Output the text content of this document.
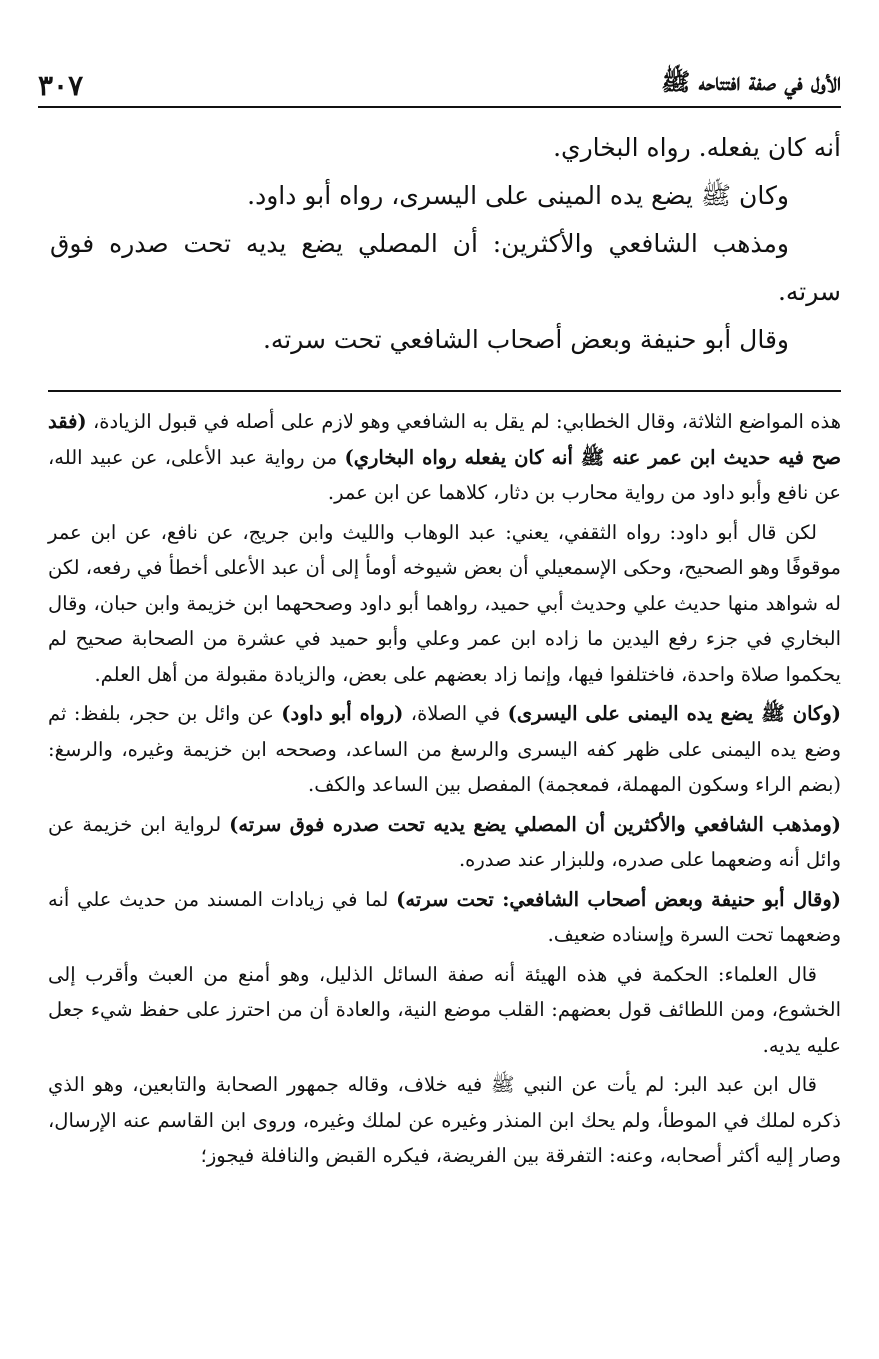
الأول في صفة افتتاحه ﷺ
٣٠٧

أنه كان يفعله. رواه البخاري.

وكان ﷺ يضع يده المينى على اليسرى، رواه أبو داود.

ومذهب الشافعي والأكثرين: أن المصلي يضع يديه تحت صدره فوق سرته.

وقال أبو حنيفة وبعض أصحاب الشافعي تحت سرته.

هذه المواضع الثلاثة، وقال الخطابي: لم يقل به الشافعي وهو لازم على أصله في قبول الزيادة، (فقد صح فيه حديث ابن عمر عنه ﷺ أنه كان يفعله رواه البخاري) من رواية عبد الأعلى، عن عبيد الله، عن نافع وأبو داود من رواية محارب بن دثار، كلاهما عن ابن عمر.

لكن قال أبو داود: رواه الثقفي، يعني: عبد الوهاب والليث وابن جريج، عن نافع، عن ابن عمر موقوفًا وهو الصحيح، وحكى الإسمعيلي أن بعض شيوخه أومأ إلى أن عبد الأعلى أخطأ في رفعه، لكن له شواهد منها حديث علي وحديث أبي حميد، رواهما أبو داود وصححهما ابن خزيمة وابن حبان، وقال البخاري في جزء رفع اليدين ما زاده ابن عمر وعلي وأبو حميد في عشرة من الصحابة صحيح لم يحكموا صلاة واحدة، فاختلفوا فيها، وإنما زاد بعضهم على بعض، والزيادة مقبولة من أهل العلم.

(وكان ﷺ يضع يده اليمنى على اليسرى) في الصلاة، (رواه أبو داود) عن وائل بن حجر، بلفظ: ثم وضع يده اليمنى على ظهر كفه اليسرى والرسغ من الساعد، وصححه ابن خزيمة وغيره، والرسغ: (بضم الراء وسكون المهملة، فمعجمة) المفصل بين الساعد والكف.

(ومذهب الشافعي والأكثرين أن المصلي يضع يديه تحت صدره فوق سرته) لرواية ابن خزيمة عن وائل أنه وضعهما على صدره، وللبزار عند صدره.

(وقال أبو حنيفة وبعض أصحاب الشافعي: تحت سرته) لما في زيادات المسند من حديث علي أنه وضعهما تحت السرة وإسناده ضعيف.

قال العلماء: الحكمة في هذه الهيئة أنه صفة السائل الذليل، وهو أمنع من العبث وأقرب إلى الخشوع، ومن اللطائف قول بعضهم: القلب موضع النية، والعادة أن من احترز على حفظ شيء جعل عليه يديه.

قال ابن عبد البر: لم يأت عن النبي ﷺ فيه خلاف، وقاله جمهور الصحابة والتابعين، وهو الذي ذكره لملك في الموطأ، ولم يحك ابن المنذر وغيره عن لملك وغيره، وروى ابن القاسم عنه الإرسال، وصار إليه أكثر أصحابه، وعنه: التفرقة بين الفريضة، فيكره القبض والنافلة فيجوز؛
